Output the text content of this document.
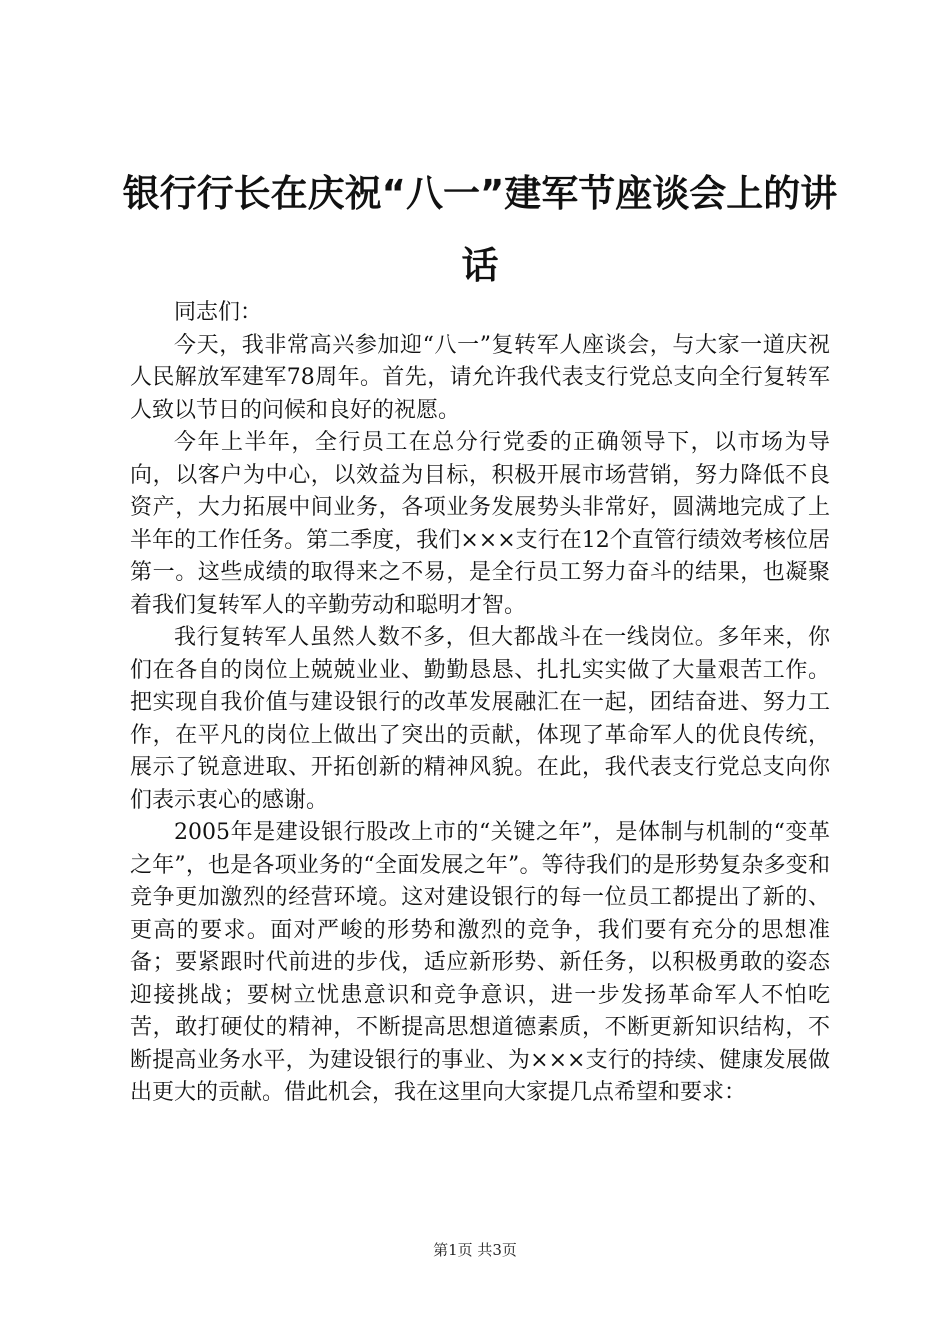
银行行长在庆祝“八一”建军节座谈会上的讲话

同志们：

今天，我非常高兴参加迎“八一”复转军人座谈会，与大家一道庆祝人民解放军建军78周年。首先，请允许我代表支行党总支向全行复转军人致以节日的问候和良好的祝愿。

今年上半年，全行员工在总分行党委的正确领导下，以市场为导向，以客户为中心，以效益为目标，积极开展市场营销，努力降低不良资产，大力拓展中间业务，各项业务发展势头非常好，圆满地完成了上半年的工作任务。第二季度，我们×××支行在12个直管行绩效考核位居第一。这些成绩的取得来之不易，是全行员工努力奋斗的结果，也凝聚着我们复转军人的辛勤劳动和聪明才智。

我行复转军人虽然人数不多，但大都战斗在一线岗位。多年来，你们在各自的岗位上兢兢业业、勤勤恳恳、扎扎实实做了大量艰苦工作。把实现自我价值与建设银行的改革发展融汇在一起，团结奋进、努力工作，在平凡的岗位上做出了突出的贡献，体现了革命军人的优良传统，展示了锐意进取、开拓创新的精神风貌。在此，我代表支行党总支向你们表示衷心的感谢。

2005年是建设银行股改上市的“关键之年”，是体制与机制的“变革之年”，也是各项业务的“全面发展之年”。等待我们的是形势复杂多变和竞争更加激烈的经营环境。这对建设银行的每一位员工都提出了新的、更高的要求。面对严峻的形势和激烈的竞争，我们要有充分的思想准备；要紧跟时代前进的步伐，适应新形势、新任务，以积极勇敢的姿态迎接挑战；要树立忧患意识和竞争意识，进一步发扬革命军人不怕吃苦，敢打硬仗的精神，不断提高思想道德素质，不断更新知识结构，不断提高业务水平，为建设银行的事业、为×××支行的持续、健康发展做出更大的贡献。借此机会，我在这里向大家提几点希望和要求：

第1页 共3页
